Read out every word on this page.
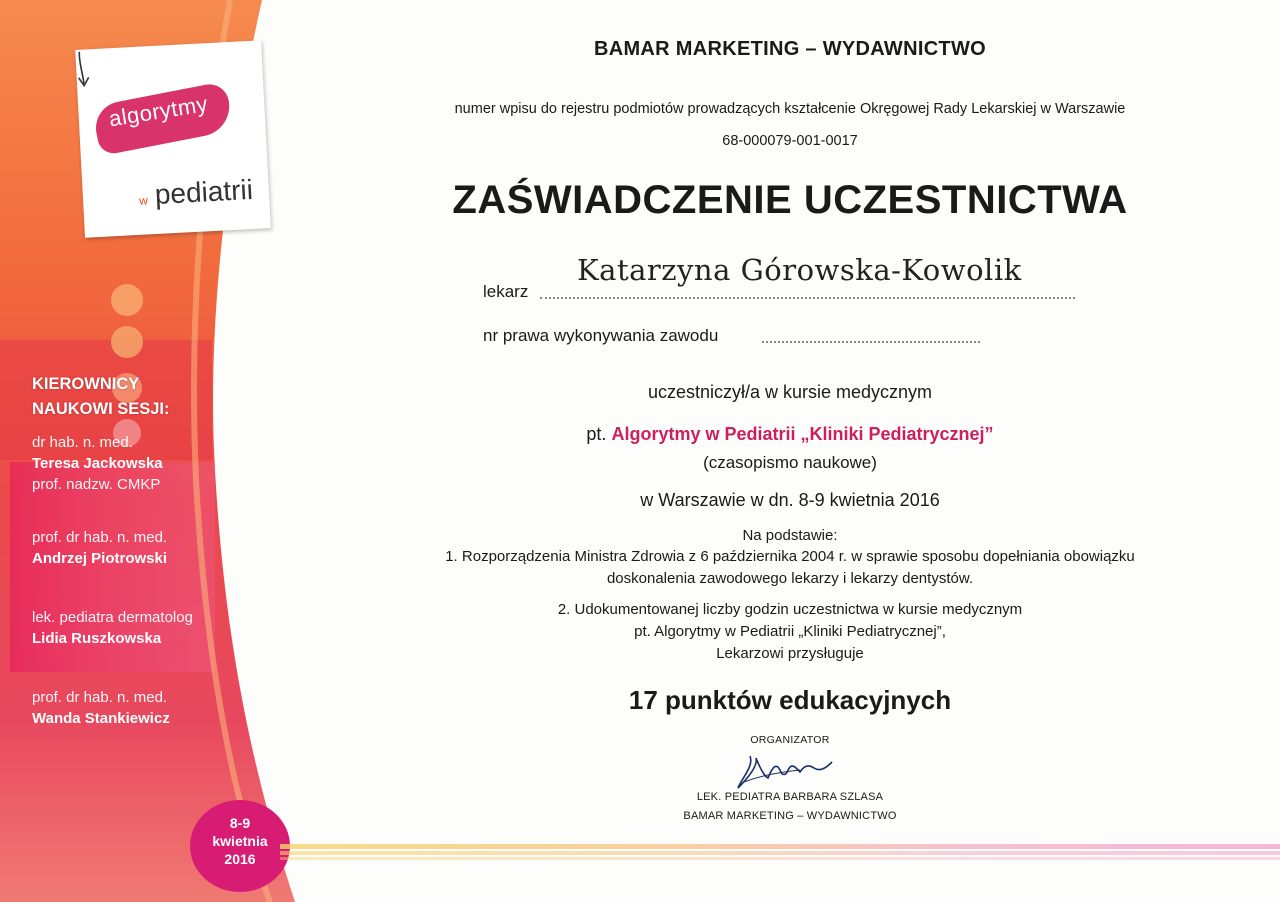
algorytmy
w pediatrii
KIEROWNICY
NAUKOWI SESJI:
dr hab. n. med.
Teresa Jackowska
prof. nadzw. CMKP
prof. dr hab. n. med.
Andrzej Piotrowski
lek. pediatra dermatolog
Lidia Ruszkowska
prof. dr hab. n. med.
Wanda Stankiewicz
8-9
kwietnia
2016
BAMAR MARKETING – WYDAWNICTWO
numer wpisu do rejestru podmiotów prowadzących kształcenie Okręgowej Rady Lekarskiej w Warszawie
68-000079-001-0017
ZAŚWIADCZENIE UCZESTNICTWA
lekarz
Katarzyna Górowska-Kowolik
nr prawa wykonywania zawodu
uczestniczył/a w kursie medycznym
pt. Algorytmy w Pediatrii „Kliniki Pediatrycznej”
(czasopismo naukowe)
w Warszawie w dn. 8-9 kwietnia 2016
Na podstawie:
1. Rozporządzenia Ministra Zdrowia z 6 października 2004 r. w sprawie sposobu dopełniania obowiązku
doskonalenia zawodowego lekarzy i lekarzy dentystów.
2. Udokumentowanej liczby godzin uczestnictwa w kursie medycznym
pt. Algorytmy w Pediatrii „Kliniki Pediatrycznej”,
Lekarzowi przysługuje
17 punktów edukacyjnych
ORGANIZATOR
LEK. PEDIATRA BARBARA SZLASA
BAMAR MARKETING – WYDAWNICTWO
